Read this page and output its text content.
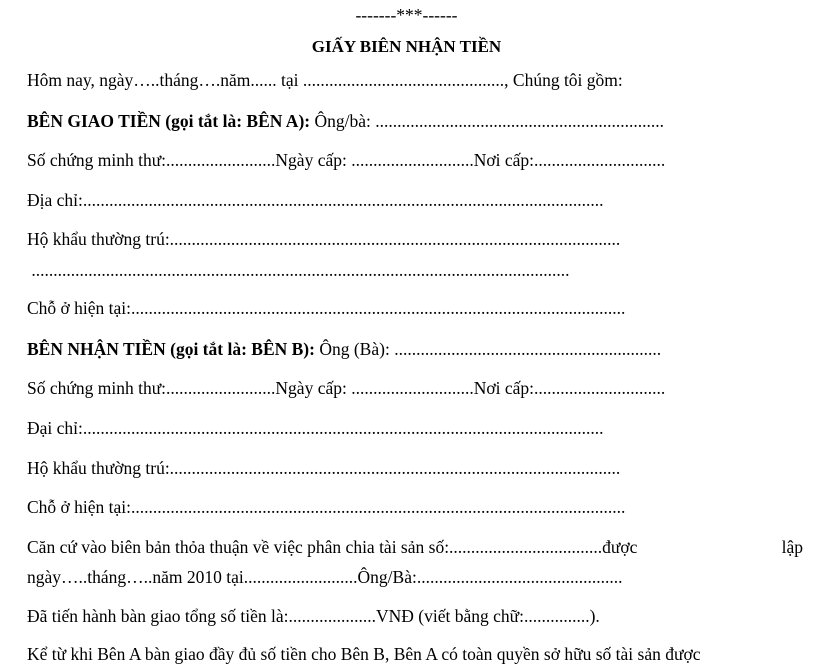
-------***------
GIẤY BIÊN NHẬN TIỀN
Hôm nay, ngày…..tháng….năm...... tại .............................................., Chúng tôi gồm:
BÊN GIAO TIỀN (gọi tắt là: BÊN A): Ông/bà: ..................................................................
Số chứng minh thư:.........................Ngày cấp: ............................Nơi cấp:..............................
Địa chỉ:.......................................................................................................................
Hộ khẩu thường trú:.......................................................................................................
...........................................................................................................................
Chỗ ở hiện tại:.................................................................................................................
BÊN NHẬN TIỀN (gọi tắt là: BÊN B): Ông (Bà): .............................................................
Số chứng minh thư:.........................Ngày cấp: ............................Nơi cấp:..............................
Đại chỉ:.......................................................................................................................
Hộ khẩu thường trú:.......................................................................................................
Chỗ ở hiện tại:.................................................................................................................
Căn cứ vào biên bản thỏa thuận về việc phân chia tài sản số:...................................được	lập
ngày…..tháng…..năm 2010 tại..........................Ông/Bà:...............................................
Đã tiến hành bàn giao tổng số tiền là:....................VNĐ (viết bằng chữ:...............).
Kể từ khi Bên A bàn giao đầy đủ số tiền cho Bên B, Bên A có toàn quyền sở hữu số tài sản được
